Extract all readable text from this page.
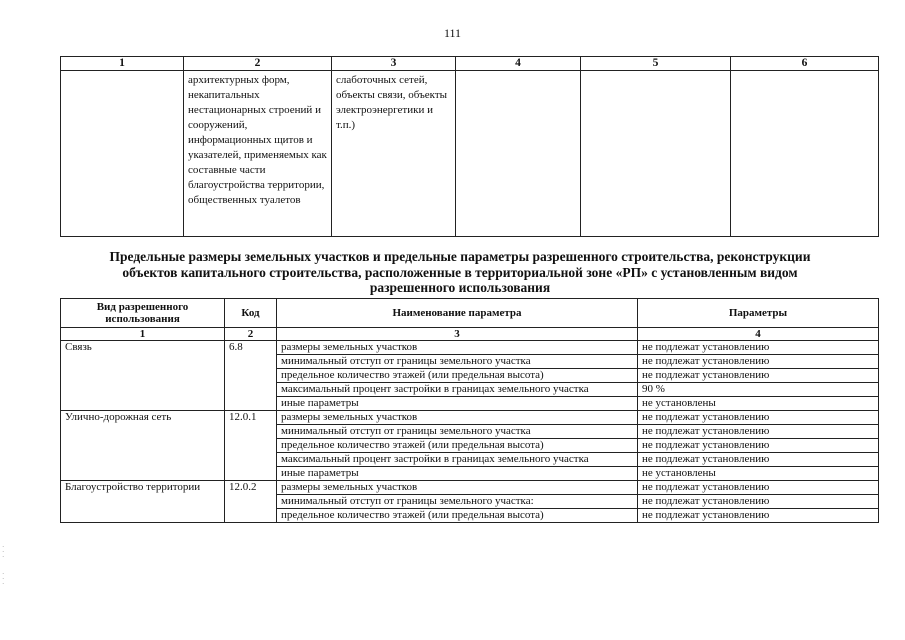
111
1	2	3	4	5	6
	архитектурных форм, некапитальных нестационарных строений и сооружений, информационных щитов и указателей, применяемых как составные части благоустройства территории, общественных туалетов	слаботочных сетей, объекты связи, объекты электроэнергетики и т.п.)			
Предельные размеры земельных участков и предельные параметры разрешенного строительства, реконструкции объектов капитального строительства, расположенные в территориальной зоне «РП» с установленным видом разрешенного использования
Вид разрешенного использования	Код	Наименование параметра	Параметры
1	2	3	4
Связь	6.8	размеры земельных участков	не подлежат установлению
		минимальный отступ от границы земельного участка	не подлежат установлению
		предельное количество этажей (или предельная высота)	не подлежат установлению
		максимальный процент застройки в границах земельного участка	90 %
		иные параметры	не установлены
Улично-дорожная сеть	12.0.1	размеры земельных участков	не подлежат установлению
		минимальный отступ от границы земельного участка	не подлежат установлению
		предельное количество этажей (или предельная высота)	не подлежат установлению
		максимальный процент застройки в границах земельного участка	не подлежат установлению
		иные параметры	не установлены
Благоустройство территории	12.0.2	размеры земельных участков	не подлежат установлению
		минимальный отступ от границы земельного участка:	не подлежат установлению
		предельное количество этажей (или предельная высота)	не подлежат установлению
· · ·
· · ·
